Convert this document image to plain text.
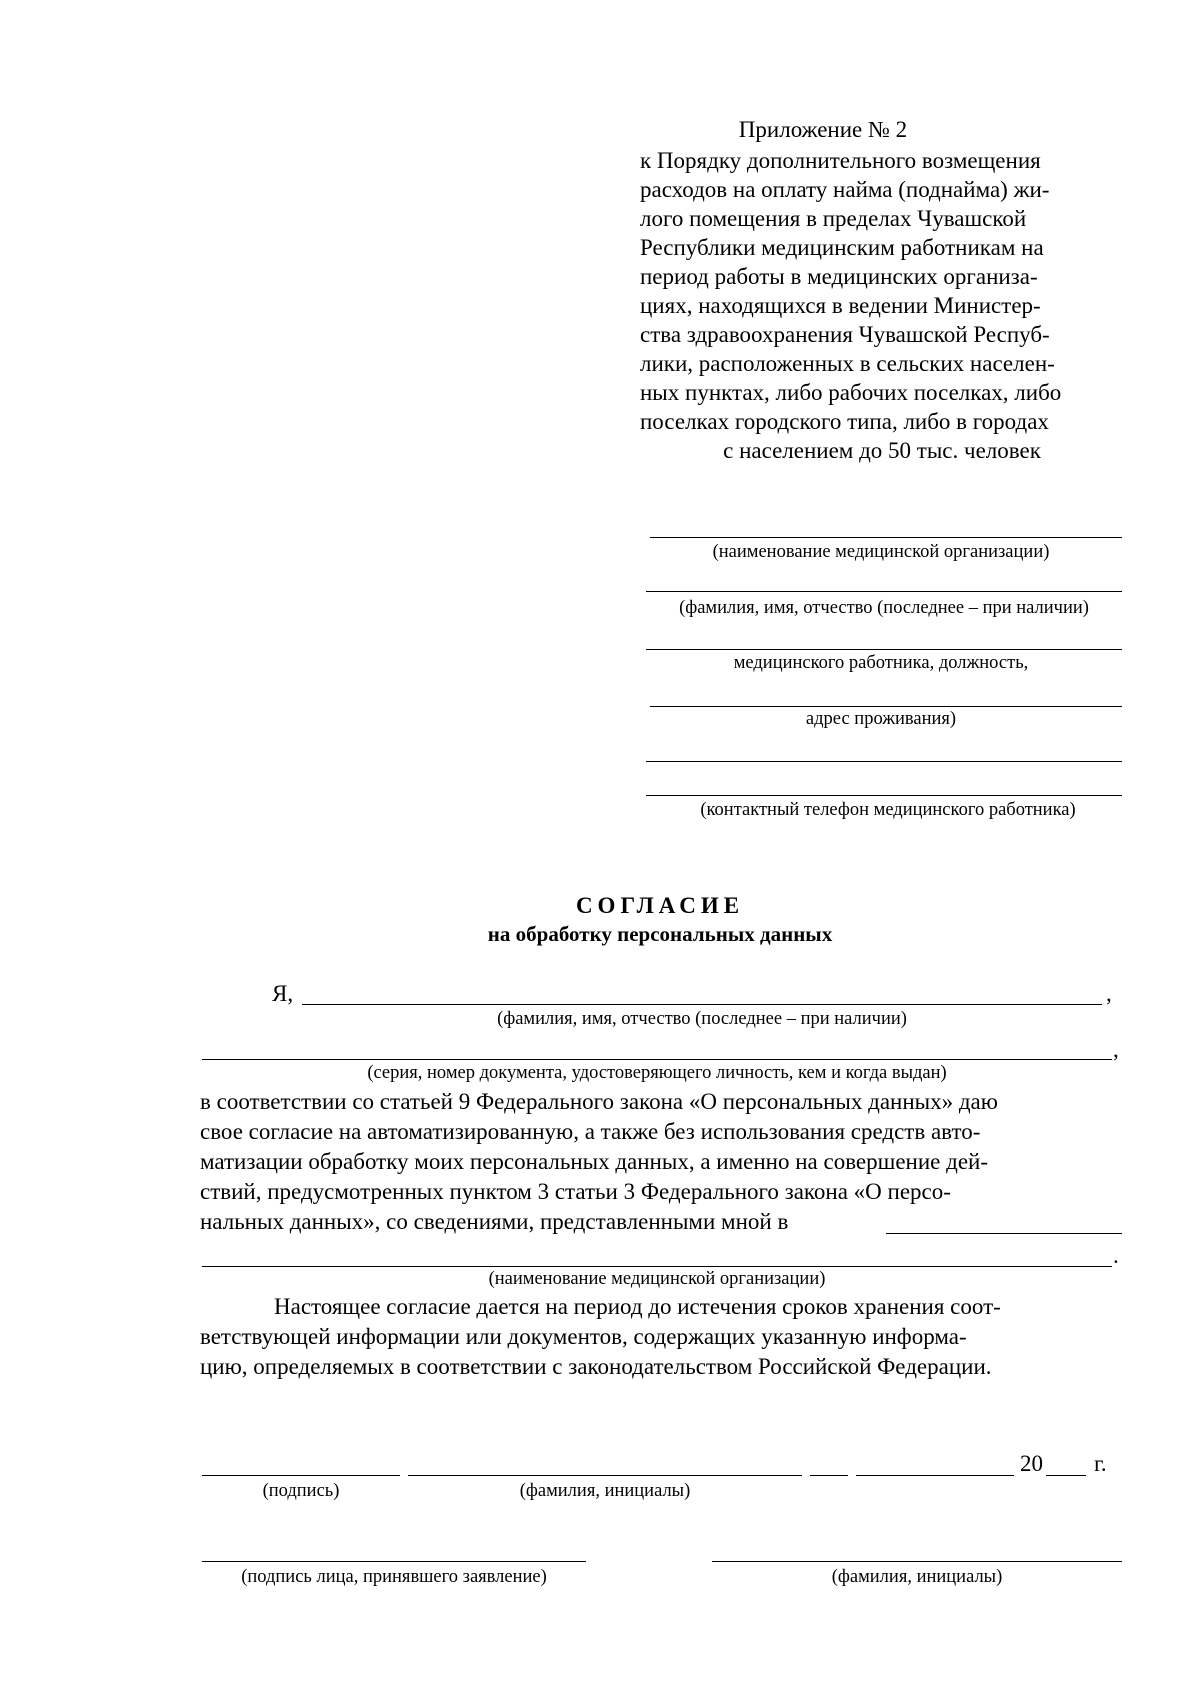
Приложение № 2
к Порядку дополнительного возмещения
расходов на оплату найма (поднайма) жи-
лого помещения в пределах Чувашской
Республики медицинским работникам на
период работы в медицинских организа-
циях, находящихся в ведении Министер-
ства здравоохранения Чувашской Респуб-
лики, расположенных в сельских населен-
ных пунктах, либо рабочих поселках, либо
поселках городского типа, либо в городах
с населением до 50 тыс. человек
(наименование медицинской организации)
(фамилия, имя, отчество (последнее – при наличии)
медицинского работника, должность,
адрес проживания)
(контактный телефон медицинского работника)
СОГЛАСИЕ
на обработку персональных данных
Я,	,
(фамилия, имя, отчество (последнее – при наличии)
,
(серия, номер документа, удостоверяющего личность, кем и когда выдан)
в соответствии со статьей 9 Федерального закона «О персональных данных» даю
свое согласие на автоматизированную, а также без использования средств авто-
матизации обработку моих персональных данных, а именно на совершение дей-
ствий, предусмотренных пунктом 3 статьи 3 Федерального закона «О персо-
нальных данных», со сведениями, представленными мной в
.
(наименование медицинской организации)
Настоящее согласие дается на период до истечения сроков хранения соот-
ветствующей информации или документов, содержащих указанную информа-
цию, определяемых в соответствии с законодательством Российской Федерации.
20 г.
(подпись)	(фамилия, инициалы)
(подпись лица, принявшего заявление)	(фамилия, инициалы)
